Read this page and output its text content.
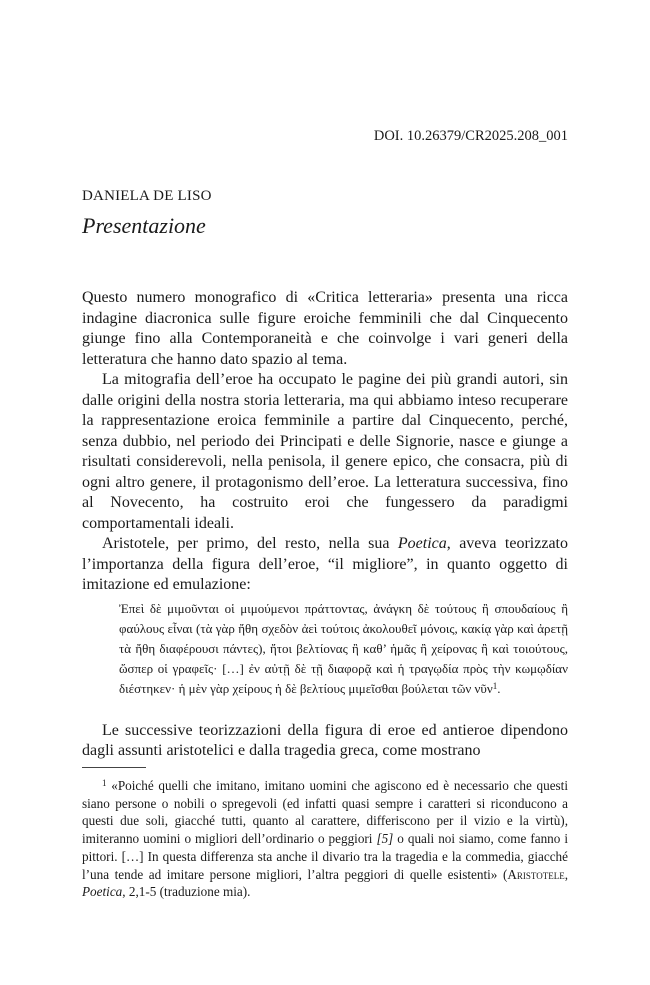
DOI. 10.26379/CR2025.208_001
DANIELA DE LISO
Presentazione

Questo numero monografico di «Critica letteraria» presenta una ricca indagine diacronica sulle figure eroiche femminili che dal Cinquecento giunge fino alla Contemporaneità e che coinvolge i vari generi della letteratura che hanno dato spazio al tema.

La mitografia dell’eroe ha occupato le pagine dei più grandi autori, sin dalle origini della nostra storia letteraria, ma qui abbiamo inteso recuperare la rappresentazione eroica femminile a partire dal Cinquecento, perché, senza dubbio, nel periodo dei Principati e delle Signorie, nasce e giunge a risultati considerevoli, nella penisola, il genere epico, che consacra, più di ogni altro genere, il protagonismo dell’eroe. La letteratura successiva, fino al Novecento, ha costruito eroi che fungessero da paradigmi comportamentali ideali.

Aristotele, per primo, del resto, nella sua Poetica, aveva teorizzato l’importanza della figura dell’eroe, “il migliore”, in quanto oggetto di imitazione ed emulazione:

Ἐπεὶ δὲ μιμοῦνται οἱ μιμούμενοι πράττοντας, ἀνάγκη δὲ τούτους ἢ σπουδαίους ἢ φαύλους εἶναι (τὰ γὰρ ἤθη σχεδὸν ἀεὶ τούτοις ἀκολουθεῖ μόνοις, κακίᾳ γὰρ καὶ ἀρετῇ τὰ ἤθη διαφέρουσι πάντες), ἤτοι βελτίονας ἢ καθ’ ἡμᾶς ἢ χείρονας ἢ καὶ τοιούτους, ὥσπερ οἱ γραφεῖς· […] ἐν αὐτῇ δὲ τῇ διαφορᾷ καὶ ἡ τραγῳδία πρὸς τὴν κωμῳδίαν διέστηκεν· ἡ μὲν γὰρ χείρους ἡ δὲ βελτίους μιμεῖσθαι βούλεται τῶν νῦν$^1$.

Le successive teorizzazioni della figura di eroe ed antieroe dipendono dagli assunti aristotelici e dalla tragedia greca, come mostrano

$^1$ «Poiché quelli che imitano, imitano uomini che agiscono ed è necessario che questi siano persone o nobili o spregevoli (ed infatti quasi sempre i caratteri si riconducono a questi due soli, giacché tutti, quanto al carattere, differiscono per il vizio e la virtù), imiteranno uomini o migliori dell’ordinario o peggiori [5] o quali noi siamo, come fanno i pittori. […] In questa differenza sta anche il divario tra la tragedia e la commedia, giacché l’una tende ad imitare persone migliori, l’altra peggiori di quelle esistenti» (Aristotele, Poetica, 2,1-5 (traduzione mia).
